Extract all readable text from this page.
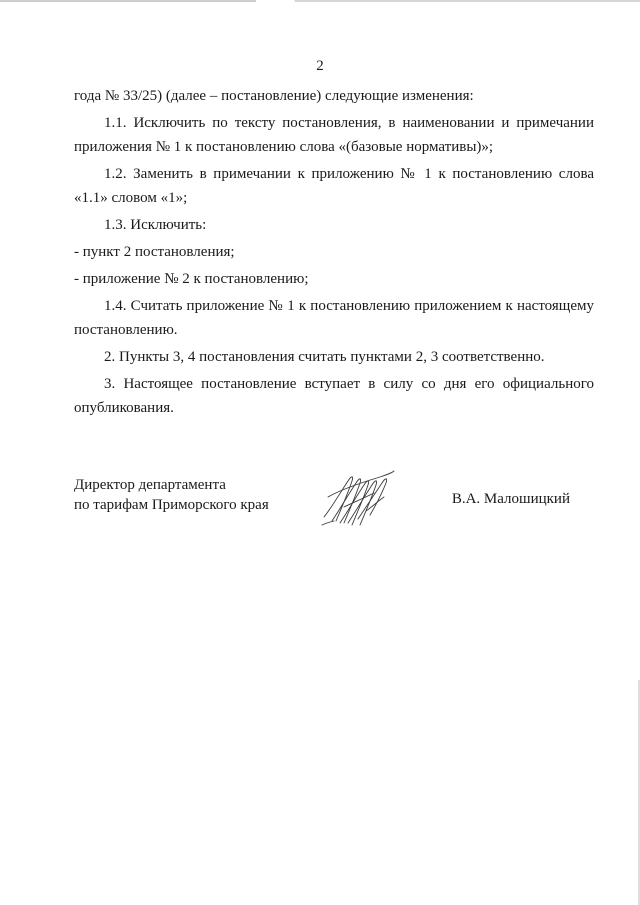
2

года № 33/25) (далее – постановление) следующие изменения:

1.1. Исключить по тексту постановления, в наименовании и примечании приложения № 1 к постановлению слова «(базовые нормативы)»;

1.2. Заменить в примечании к приложению № 1 к постановлению слова «1.1» словом «1»;

1.3. Исключить:

- пункт 2 постановления;

- приложение № 2 к постановлению;

1.4. Считать приложение № 1 к постановлению приложением к настоящему постановлению.

2. Пункты 3, 4 постановления считать пунктами 2, 3 соответственно.

3. Настоящее постановление вступает в силу со дня его официального опубликования.

Директор департамента
по тарифам Приморского края	В.А. Малошицкий
